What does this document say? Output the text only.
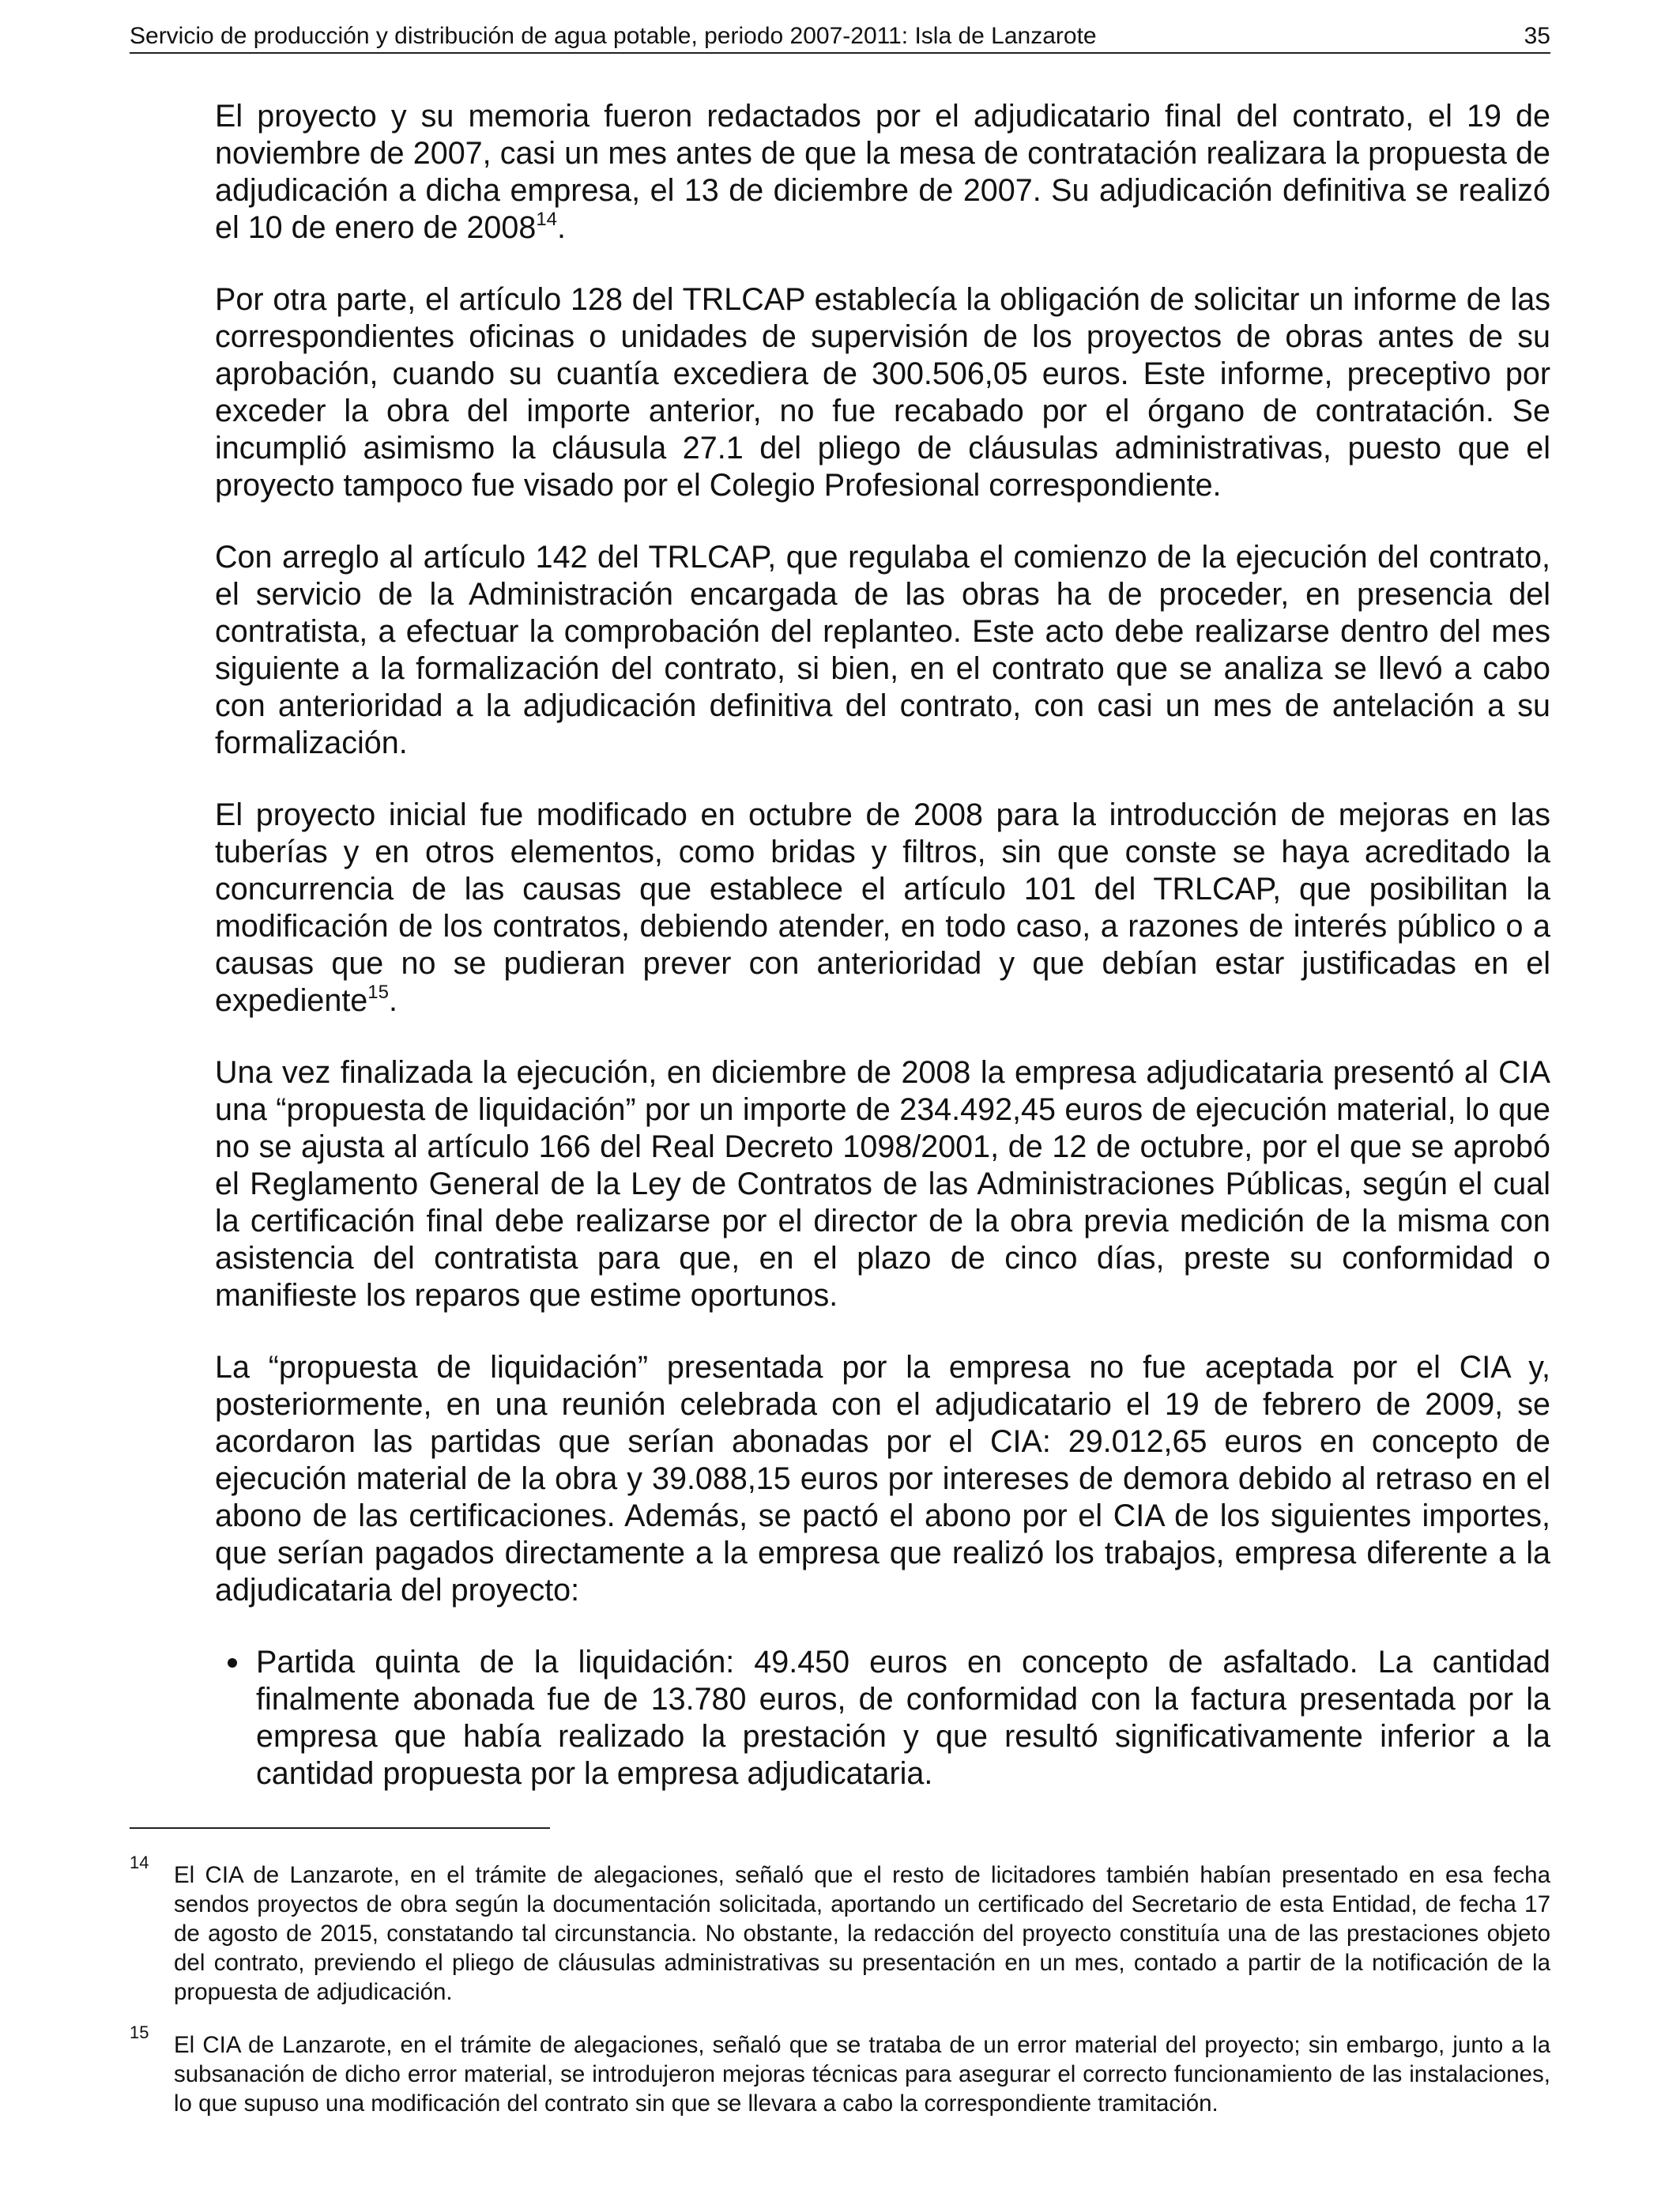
Servicio de producción y distribución de agua potable, periodo 2007-2011: Isla de Lanzarote	35

El proyecto y su memoria fueron redactados por el adjudicatario final del contrato, el 19 de noviembre de 2007, casi un mes antes de que la mesa de contratación realizara la propuesta de adjudicación a dicha empresa, el 13 de diciembre de 2007. Su adjudicación definitiva se realizó el 10 de enero de 2008$^{14}$.

Por otra parte, el artículo 128 del TRLCAP establecía la obligación de solicitar un informe de las correspondientes oficinas o unidades de supervisión de los proyectos de obras antes de su aprobación, cuando su cuantía excediera de 300.506,05 euros. Este informe, preceptivo por exceder la obra del importe anterior, no fue recabado por el órgano de contratación. Se incumplió asimismo la cláusula 27.1 del pliego de cláusulas administrativas, puesto que el proyecto tampoco fue visado por el Colegio Profesional correspondiente.

Con arreglo al artículo 142 del TRLCAP, que regulaba el comienzo de la ejecución del contrato, el servicio de la Administración encargada de las obras ha de proceder, en presencia del contratista, a efectuar la comprobación del replanteo. Este acto debe realizarse dentro del mes siguiente a la formalización del contrato, si bien, en el contrato que se analiza se llevó a cabo con anterioridad a la adjudicación definitiva del contrato, con casi un mes de antelación a su formalización.

El proyecto inicial fue modificado en octubre de 2008 para la introducción de mejoras en las tuberías y en otros elementos, como bridas y filtros, sin que conste se haya acreditado la concurrencia de las causas que establece el artículo 101 del TRLCAP, que posibilitan la modificación de los contratos, debiendo atender, en todo caso, a razones de interés público o a causas que no se pudieran prever con anterioridad y que debían estar justificadas en el expediente$^{15}$.

Una vez finalizada la ejecución, en diciembre de 2008 la empresa adjudicataria presentó al CIA una “propuesta de liquidación” por un importe de 234.492,45 euros de ejecución material, lo que no se ajusta al artículo 166 del Real Decreto 1098/2001, de 12 de octubre, por el que se aprobó el Reglamento General de la Ley de Contratos de las Administraciones Públicas, según el cual la certificación final debe realizarse por el director de la obra previa medición de la misma con asistencia del contratista para que, en el plazo de cinco días, preste su conformidad o manifieste los reparos que estime oportunos.

La “propuesta de liquidación” presentada por la empresa no fue aceptada por el CIA y, posteriormente, en una reunión celebrada con el adjudicatario el 19 de febrero de 2009, se acordaron las partidas que serían abonadas por el CIA: 29.012,65 euros en concepto de ejecución material de la obra y 39.088,15 euros por intereses de demora debido al retraso en el abono de las certificaciones. Además, se pactó el abono por el CIA de los siguientes importes, que serían pagados directamente a la empresa que realizó los trabajos, empresa diferente a la adjudicataria del proyecto:

Partida quinta de la liquidación: 49.450 euros en concepto de asfaltado. La cantidad finalmente abonada fue de 13.780 euros, de conformidad con la factura presentada por la empresa que había realizado la prestación y que resultó significativamente inferior a la cantidad propuesta por la empresa adjudicataria.
14 El CIA de Lanzarote, en el trámite de alegaciones, señaló que el resto de licitadores también habían presentado en esa fecha sendos proyectos de obra según la documentación solicitada, aportando un certificado del Secretario de esta Entidad, de fecha 17 de agosto de 2015, constatando tal circunstancia. No obstante, la redacción del proyecto constituía una de las prestaciones objeto del contrato, previendo el pliego de cláusulas administrativas su presentación en un mes, contado a partir de la notificación de la propuesta de adjudicación.
15 El CIA de Lanzarote, en el trámite de alegaciones, señaló que se trataba de un error material del proyecto; sin embargo, junto a la subsanación de dicho error material, se introdujeron mejoras técnicas para asegurar el correcto funcionamiento de las instalaciones, lo que supuso una modificación del contrato sin que se llevara a cabo la correspondiente tramitación.
